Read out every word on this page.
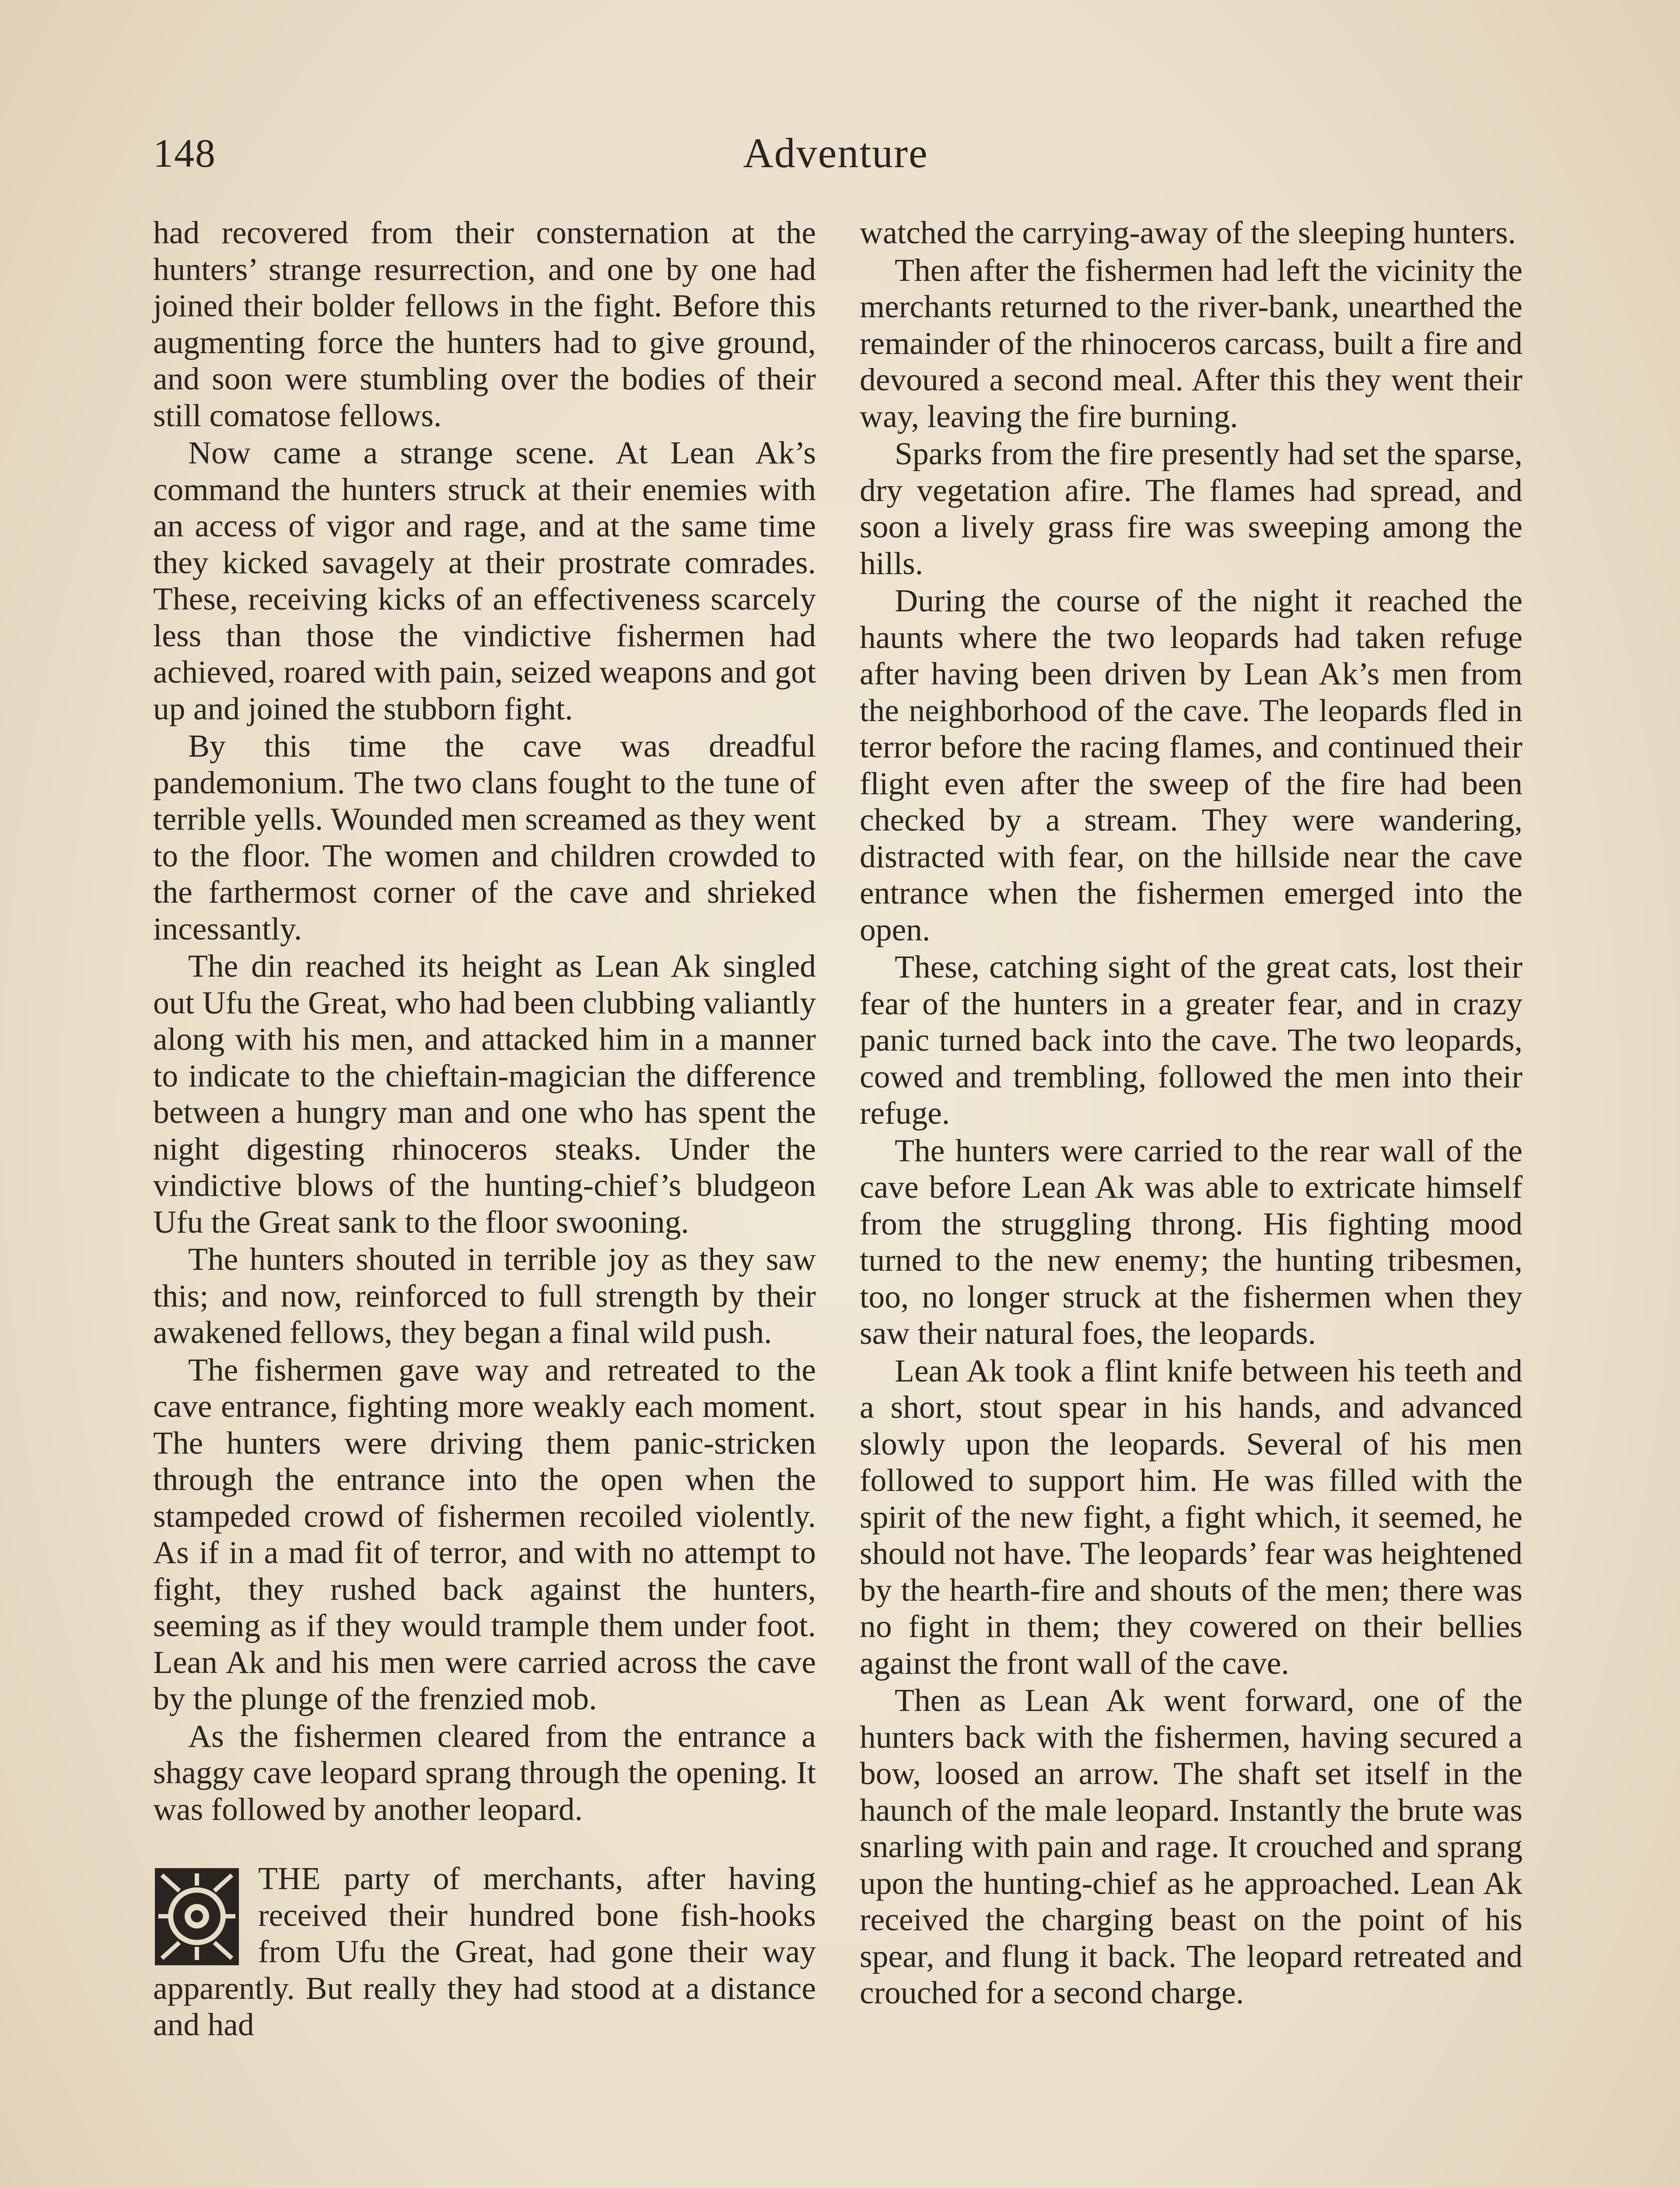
148	Adventure

had recovered from their consternation at the hunters’ strange resurrection, and one by one had joined their bolder fellows in the fight. Before this augmenting force the hunters had to give ground, and soon were stumbling over the bodies of their still comatose fellows.

Now came a strange scene. At Lean Ak’s command the hunters struck at their enemies with an access of vigor and rage, and at the same time they kicked savagely at their prostrate comrades. These, receiving kicks of an effectiveness scarcely less than those the vindictive fishermen had achieved, roared with pain, seized weapons and got up and joined the stubborn fight.

By this time the cave was dreadful pandemonium. The two clans fought to the tune of terrible yells. Wounded men screamed as they went to the floor. The women and children crowded to the farthermost corner of the cave and shrieked incessantly.

The din reached its height as Lean Ak singled out Ufu the Great, who had been clubbing valiantly along with his men, and attacked him in a manner to indicate to the chieftain-magician the difference between a hungry man and one who has spent the night digesting rhinoceros steaks. Under the vindictive blows of the hunting-chief’s bludgeon Ufu the Great sank to the floor swooning.

The hunters shouted in terrible joy as they saw this; and now, reinforced to full strength by their awakened fellows, they began a final wild push.

The fishermen gave way and retreated to the cave entrance, fighting more weakly each moment. The hunters were driving them panic-stricken through the entrance into the open when the stampeded crowd of fishermen recoiled violently. As if in a mad fit of terror, and with no attempt to fight, they rushed back against the hunters, seeming as if they would trample them under foot. Lean Ak and his men were carried across the cave by the plunge of the frenzied mob.

As the fishermen cleared from the entrance a shaggy cave leopard sprang through the opening. It was followed by another leopard.

THE party of merchants, after having received their hundred bone fish-hooks from Ufu the Great, had gone their way apparently. But really they had stood at a distance and had

watched the carrying-away of the sleeping hunters.

Then after the fishermen had left the vicinity the merchants returned to the river-bank, unearthed the remainder of the rhinoceros carcass, built a fire and devoured a second meal. After this they went their way, leaving the fire burning.

Sparks from the fire presently had set the sparse, dry vegetation afire. The flames had spread, and soon a lively grass fire was sweeping among the hills.

During the course of the night it reached the haunts where the two leopards had taken refuge after having been driven by Lean Ak’s men from the neighborhood of the cave. The leopards fled in terror before the racing flames, and continued their flight even after the sweep of the fire had been checked by a stream. They were wandering, distracted with fear, on the hillside near the cave entrance when the fishermen emerged into the open.

These, catching sight of the great cats, lost their fear of the hunters in a greater fear, and in crazy panic turned back into the cave. The two leopards, cowed and trembling, followed the men into their refuge.

The hunters were carried to the rear wall of the cave before Lean Ak was able to extricate himself from the struggling throng. His fighting mood turned to the new enemy; the hunting tribesmen, too, no longer struck at the fishermen when they saw their natural foes, the leopards.

Lean Ak took a flint knife between his teeth and a short, stout spear in his hands, and advanced slowly upon the leopards. Several of his men followed to support him. He was filled with the spirit of the new fight, a fight which, it seemed, he should not have. The leopards’ fear was heightened by the hearth-fire and shouts of the men; there was no fight in them; they cowered on their bellies against the front wall of the cave.

Then as Lean Ak went forward, one of the hunters back with the fishermen, having secured a bow, loosed an arrow. The shaft set itself in the haunch of the male leopard. Instantly the brute was snarling with pain and rage. It crouched and sprang upon the hunting-chief as he approached. Lean Ak received the charging beast on the point of his spear, and flung it back. The leopard retreated and crouched for a second charge.
